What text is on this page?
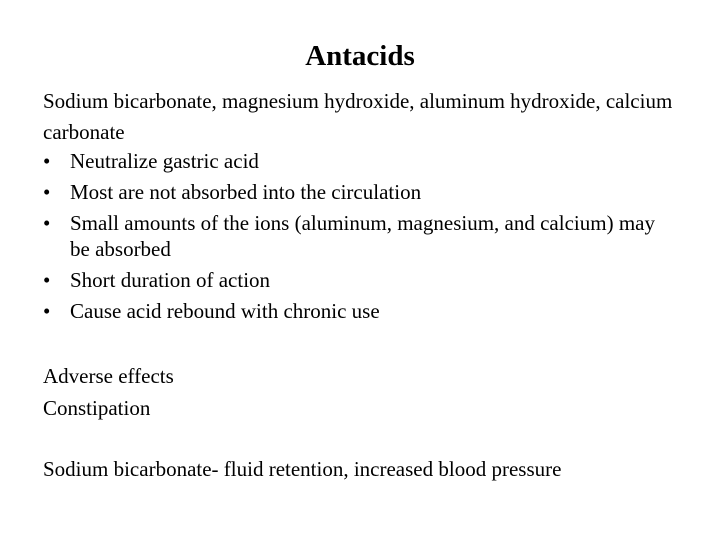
Antacids

Sodium bicarbonate, magnesium hydroxide, aluminum hydroxide, calcium carbonate

• Neutralize gastric acid
• Most are not absorbed into the circulation
• Small amounts of the ions (aluminum, magnesium, and calcium) may be absorbed
• Short duration of action
• Cause acid rebound with chronic use
Adverse effects
Constipation
Sodium bicarbonate- fluid retention, increased blood pressure
